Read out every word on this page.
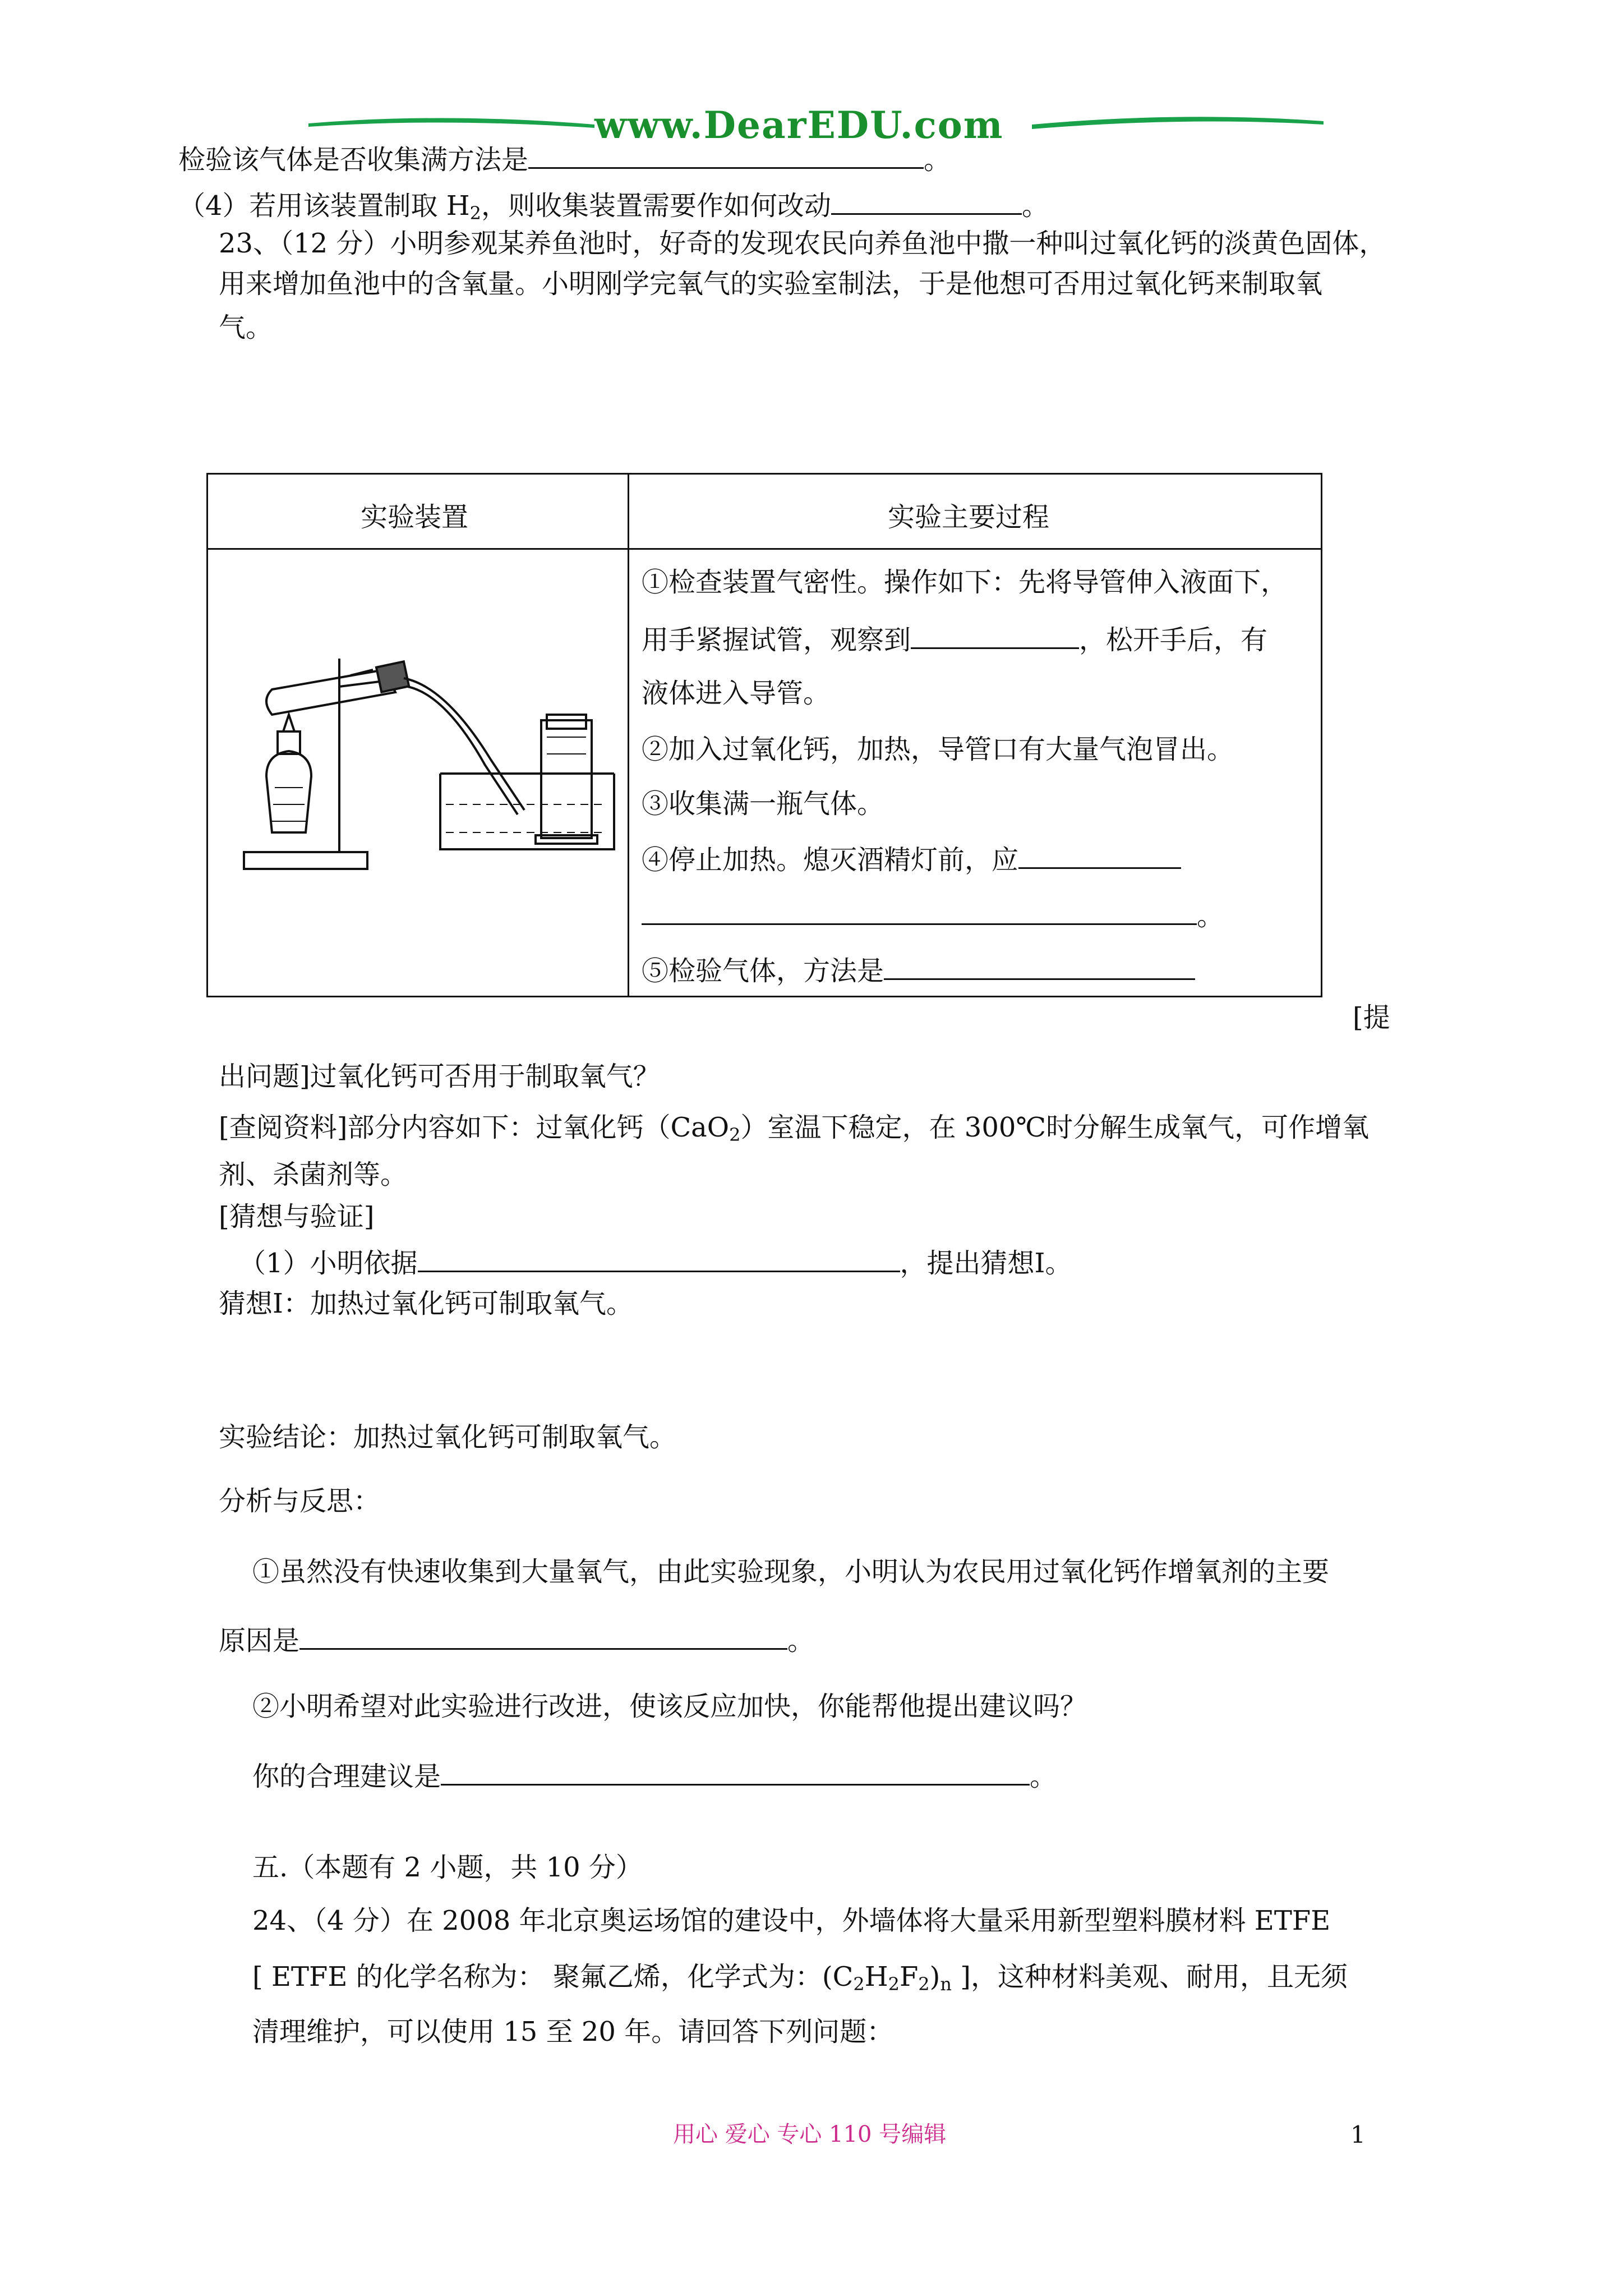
www.DearEDU.com
检验该气体是否收集满方法是	。
（4）若用该装置制取 $H_2$，则收集装置需要作如何改动	。
23、（12 分）小明参观某养鱼池时，好奇的发现农民向养鱼池中撒一种叫过氧化钙的淡黄色固体，
用来增加鱼池中的含氧量。小明刚学完氧气的实验室制法，于是他想可否用过氧化钙来制取氧
气。
实验装置	实验主要过程
①检查装置气密性。操作如下：先将导管伸入液面下，
用手紧握试管，观察到	，松开手后，有
液体进入导管。
②加入过氧化钙，加热，导管口有大量气泡冒出。
③收集满一瓶气体。
④停止加热。熄灭酒精灯前，应
。
⑤检验气体，方法是
[提
出问题]过氧化钙可否用于制取氧气？
[查阅资料]部分内容如下：过氧化钙（CaO$_2$）室温下稳定，在 300℃时分解生成氧气，可作增氧
剂、杀菌剂等。
[猜想与验证]
（1）小明依据	，提出猜想Ⅰ。
猜想Ⅰ：加热过氧化钙可制取氧气。
实验结论：加热过氧化钙可制取氧气。
分析与反思：
①虽然没有快速收集到大量氧气，由此实验现象，小明认为农民用过氧化钙作增氧剂的主要
原因是	。
②小明希望对此实验进行改进，使该反应加快，你能帮他提出建议吗？
你的合理建议是	。
五.（本题有 2 小题，共 10 分）
24、（4 分）在 2008 年北京奥运场馆的建设中，外墙体将大量采用新型塑料膜材料 ETFE
[ ETFE 的化学名称为： 聚氟乙烯，化学式为：$(C_2H_2F_2)_n$ ]，这种材料美观、耐用，且无须
清理维护，可以使用 15 至 20 年。请回答下列问题：
用心 爱心 专心 110 号编辑	1
